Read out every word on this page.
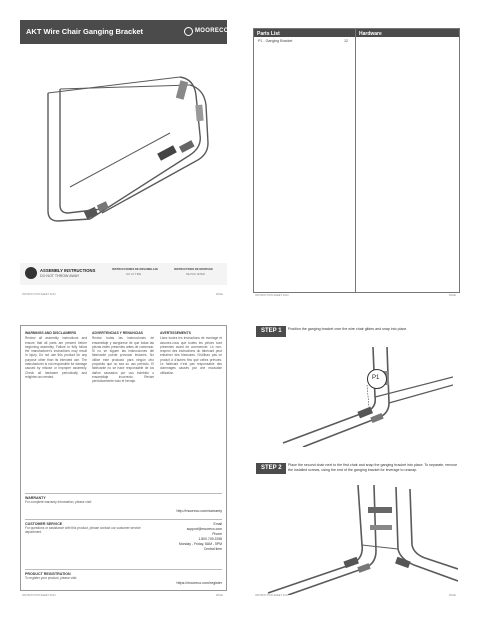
AKT Wire Chair Ganging Bracket	MOORECO
ASSEMBLY INSTRUCTIONS
DO NOT THROW AWAY
INSTRUCCIONES DE ENSAMBLAJE
NO LO TIRE
INSTRUCTIONS DE MONTAGE
NE PAS JETER
INSTRUCTION SHEET 2013	PAGE
Parts List
P1 - Ganging Bracket	12
Hardware
INSTRUCTION SHEET 2013	PAGE
WARNINGS AND DISCLAIMERS
Review all assembly instructions and ensure that all parts are present before beginning assembly. Failure to fully follow the manufacturer's instructions may result in injury. Do not use this product for any purpose other than its intended use. The manufacturer is not responsible for damage caused by misuse or improper assembly. Check all hardware periodically and retighten as needed.
ADVERTENCIAS Y RENUNCIAS
Revise todas las instrucciones de ensamblaje y asegúrese de que todas las piezas estén presentes antes de comenzar. Si no se siguen las instrucciones del fabricante puede provocar lesiones. No utilice este producto para ningún otro propósito que no sea su uso previsto. El fabricante no se hace responsable de los daños causados por uso indebido o ensamblaje incorrecto. Revise periódicamente todo el herraje.
AVERTISSEMENTS
Lisez toutes les instructions de montage et assurez-vous que toutes les pièces sont présentes avant de commencer. Le non-respect des instructions du fabricant peut entraîner des blessures. N'utilisez pas ce produit à d'autres fins que celles prévues. Le fabricant n'est pas responsable des dommages causés par une mauvaise utilisation.
WARRANTY
For complete warranty information, please visit:
http://mooreco.com/warranty
CUSTOMER SERVICE
For questions or assistance with this product, please contact our customer service department.
Email
support@mooreco.com
Phone
1.800.749.2258
Monday - Friday, 8AM - 5PM
Central time
PRODUCT REGISTRATION
To register your product, please visit:
https://mooreco.com/register
INSTRUCTION SHEET 2013	PAGE
STEP 1 Position the ganging bracket over the wire chair glides and snap into place.
P1
STEP 2 Place the second chair next to the first chair and snap the ganging bracket into place. To separate, remove the installed screws, using the end of the ganging bracket for leverage to unsnap.
INSTRUCTION SHEET 2013	PAGE
